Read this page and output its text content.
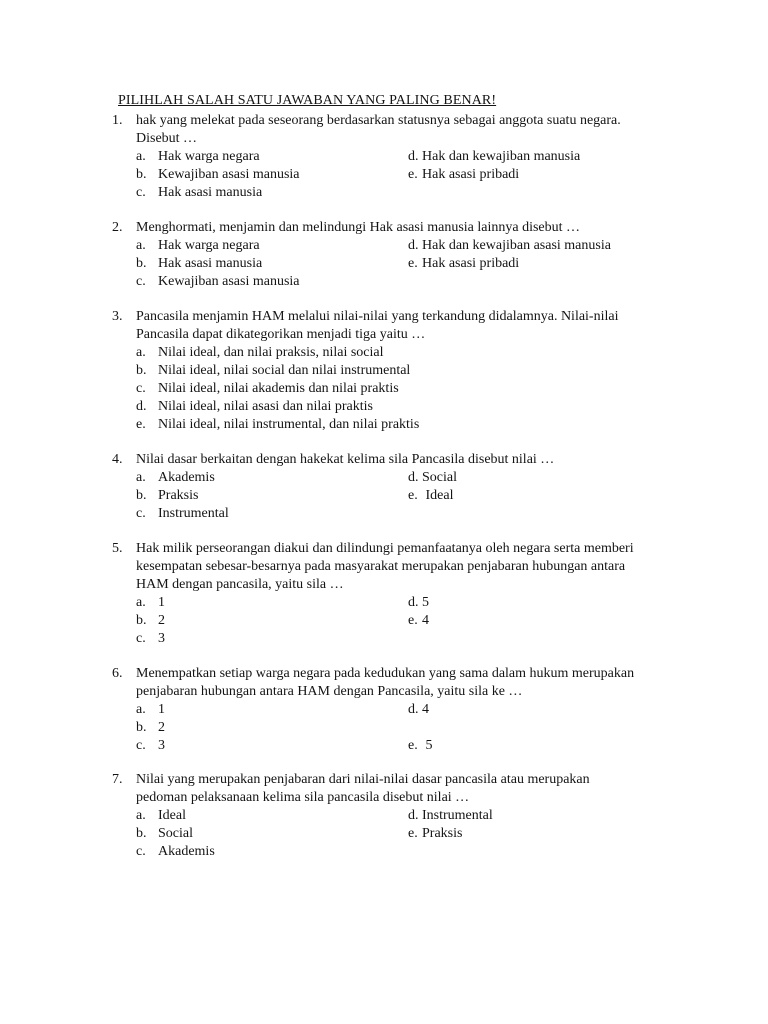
PILIHLAH SALAH SATU JAWABAN YANG PALING BENAR!
1. hak yang melekat pada seseorang berdasarkan statusnya sebagai anggota suatu negara.
Disebut …
a. Hak warga negara
b. Kewajiban asasi manusia
c. Hak asasi manusia
d. Hak dan kewajiban manusia
e. Hak asasi pribadi
2. Menghormati, menjamin dan melindungi Hak asasi manusia lainnya disebut …
a. Hak warga negara
b. Hak asasi manusia
c. Kewajiban asasi manusia
d. Hak dan kewajiban asasi manusia
e. Hak asasi pribadi
3. Pancasila menjamin HAM melalui nilai-nilai yang terkandung didalamnya. Nilai-nilai
Pancasila dapat dikategorikan menjadi tiga yaitu …
a. Nilai ideal, dan nilai praksis, nilai social
b. Nilai ideal, nilai social dan nilai instrumental
c. Nilai ideal, nilai akademis dan nilai praktis
d. Nilai ideal, nilai asasi dan nilai praktis
e. Nilai ideal, nilai instrumental, dan nilai praktis
4. Nilai dasar berkaitan dengan hakekat kelima sila Pancasila disebut nilai …
a. Akademis
b. Praksis
c. Instrumental
d. Social
e. Ideal
5. Hak milik perseorangan diakui dan dilindungi pemanfaatanya oleh negara serta memberi
kesempatan sebesar-besarnya pada masyarakat merupakan penjabaran hubungan antara
HAM dengan pancasila, yaitu sila …
a. 1
b. 2
c. 3
d. 5
e. 4
6. Menempatkan setiap warga negara pada kedudukan yang sama dalam hukum merupakan
penjabaran hubungan antara HAM dengan Pancasila, yaitu sila ke …
a. 1
b. 2
c. 3
d. 4
e. 5
7. Nilai yang merupakan penjabaran dari nilai-nilai dasar pancasila atau merupakan
pedoman pelaksanaan kelima sila pancasila disebut nilai …
a. Ideal
b. Social
c. Akademis
d. Instrumental
e. Praksis
